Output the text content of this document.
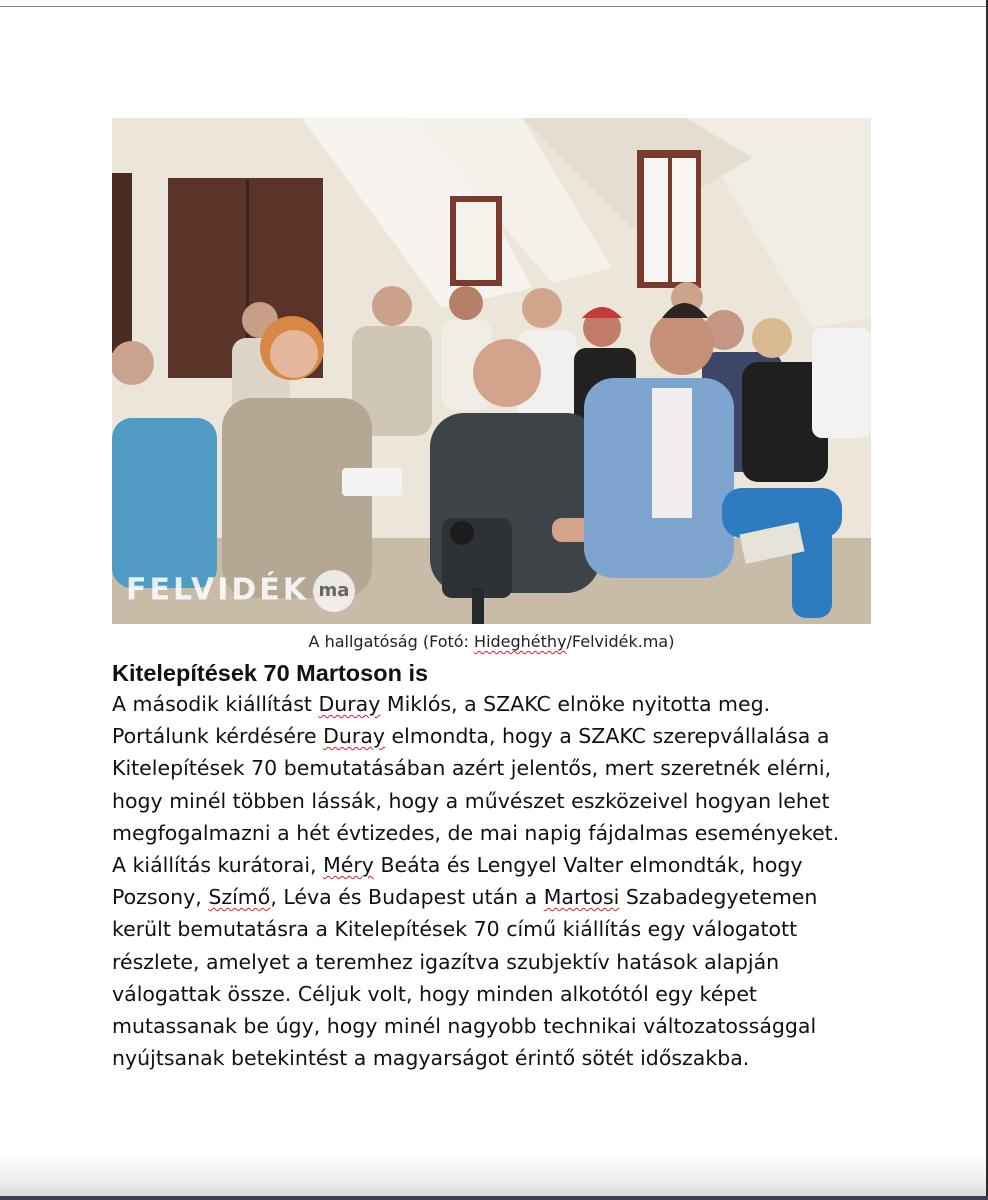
FELVIDÉK ma
A hallgatóság (Fotó: Hideghéthy/Felvidék.ma)
Kitelepítések 70 Martoson is

A második kiállítást Duray Miklós, a SZAKC elnöke nyitotta meg. Portálunk kérdésére Duray elmondta, hogy a SZAKC szerepvállalása a Kitelepítések 70 bemutatásában azért jelentős, mert szeretnék elérni, hogy minél többen lássák, hogy a művészet eszközeivel hogyan lehet megfogalmazni a hét évtizedes, de mai napig fájdalmas eseményeket.

A kiállítás kurátorai, Méry Beáta és Lengyel Valter elmondták, hogy Pozsony, Szímő, Léva és Budapest után a Martosi Szabadegyetemen került bemutatásra a Kitelepítések 70 című kiállítás egy válogatott részlete, amelyet a teremhez igazítva szubjektív hatások alapján válogattak össze. Céljuk volt, hogy minden alkotótól egy képet mutassanak be úgy, hogy minél nagyobb technikai változatossággal nyújtsanak betekintést a magyarságot érintő sötét időszakba.
